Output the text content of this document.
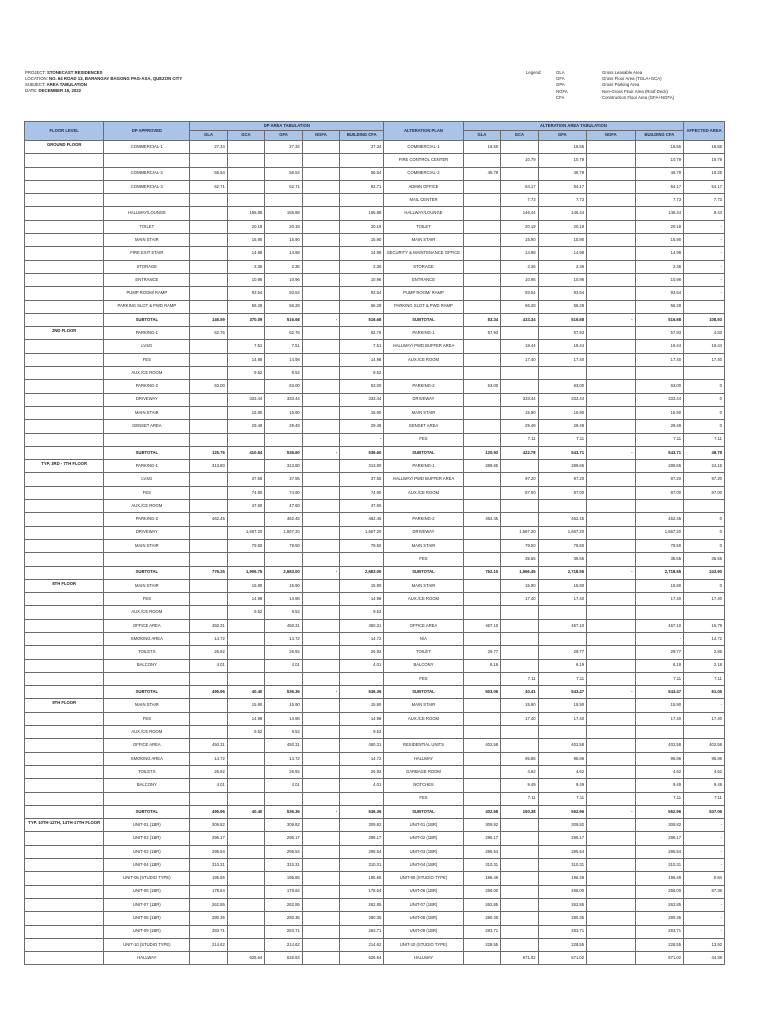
PROJECT: STONECAST RESIDENCES
LOCATION: NO. 64 ROAD 13, BARANGAY BAGONG PAG-ASA, QUEZON CITY
SUBJECT: AREA TABULATION
DATE: DECEMBER 15, 2022
Legend:	GLA	Gross Leasable Area
GFA	Gross Floor Area (TGLA+GCA)
GPA	Gross Parking Area
NGFA	Non-Gross Floor Area (Roof Deck)
CFA	Construction Floor Area (GFA+NGFA)
FLOOR LEVEL	DP APPROVED	DP AREA TABULATION					ALTERATION PLAN	ALTERATION AREA TABULATION					AFFECTED AREA
		GLA	GCA	GFA	NGFA	BUILDING CFA		GLA	GCA	GFA	NGFA	BUILDING CFA	
GROUND FLOOR	COMMERCIAL-1	27.34		27.34		27.34	COMMERCIAL-1	16.55		16.55		16.55	16.55
							FIRE CONTROL CENTER		10.79	10.79		10.79	10.79
	COMMERCIAL-2	56.54		56.54		56.54	COMMERCIAL-2	46.79		46.79		46.79	10.25
	COMMERCIAL-3	62.71		62.71		62.71	ADMIN OFFICE		54.17	54.17		54.17	54.17
							MAIL CENTER		7.73	7.73		7.73	7.73
	HALLWAY/LOUNGE		155.88	155.88		155.88	HALLWAY/LOUNGE		146.44	146.44		146.44	9.44
	TOILET		20.19	20.19		20.19	TOILET		20.19	20.19		20.19	-
	MAIN STAIR		15.90	15.90		15.90	MAIN STAIR		15.90	15.90		15.90	-
	FIRE EXIT STAIR		14.98	14.98		14.98	SECURITY & MAINTENANCE OFFICE		14.98	14.98		14.98	-
	STORAGE		2.36	2.36		2.36	STORAGE		2.36	2.36		2.36	-
	ENTRANCE		10.96	10.96		10.96	ENTRANCE		10.96	10.96		10.96	-
	PUMP ROOM/ RAMP		93.54	93.54		93.54	PUMP ROOM/ RAMP		93.54	93.54		93.54	-
	PARKING SLOT & PWD RAMP		56.28	56.28		56.28	PARKING SLOT & PWD RAMP		56.28	56.28		56.28	
	SUBTOTAL	146.59	370.09	516.68	-	516.68	SUBTOTAL	83.34	433.34	516.68	-	516.68	108.93
2ND FLOOR	PARKING-1	62.76		62.76		62.76	PARKING-1	57.93		57.93		57.93	4.83
	LVSG		7.51	7.51		7.51	HALLWAY/ PWD BUFFER AREA		19.44	19.44		19.44	19.44
	FES		14.98	14.98		14.98	AUX./CE ROOM		17.40	17.40		17.40	17.40
	AUX./CE ROOM		9.52	9.52		9.52							
	PARKING-2	63.00		63.00		63.00	PARKING-2	63.00		63.00		63.00	0
	DRIVEWAY		333.44	333.44		333.44	DRIVEWAY		333.44	333.44		333.44	0
	MAIN STAIR		15.90	15.90		15.90	MAIN STAIR		15.90	15.90		15.90	0
	GENSET AREA		29.49	29.49		29.49	GENSET AREA		29.49	29.49		29.49	0
						-	FES		7.11	7.11		7.11	7.11
	SUBTOTAL	125.76	410.84	536.60	-	536.60	SUBTOTAL	120.93	422.78	543.71	-	543.71	48.78
TYP. 3RD - 7TH FLOOR	PARKING-1	313.80		313.80		313.80	PARKING-1	289.65		289.65		289.65	24.15
	LVSG		37.55	37.55		37.55	HALLWAY/ PWD BUFFER AREA		97.20	97.20		97.20	97.20
	FES		74.90	74.90		74.90	AUX./CE ROOM		87.00	87.00		87.00	87.00
	AUX./CE ROOM		47.60	47.60		47.60							
	PARKING-2	462.45		462.45		462.45	PARKING-2	462.45		462.45		462.45	0
	DRIVEWAY		1,667.20	1,667.20		1,667.20	DRIVEWAY		1,667.20	1,667.20		1,667.20	0
	MAIN STAIR		79.50	79.50		79.50	MAIN STAIR		79.50	79.50		79.50	0
							FES		35.55	35.55		35.55	35.55
	SUBTOTAL	776.25	1,906.75	2,683.00	-	2,683.00	SUBTOTAL	752.10	1,966.45	2,718.55	-	2,718.55	243.90
8TH FLOOR	MAIN STAIR		15.90	15.90		15.90	MAIN STAIR		15.90	15.90		15.90	0
	FES		14.98	14.98		14.98	AUX./CE ROOM		17.40	17.40		17.40	17.40
	AUX./CE ROOM		9.52	9.52		9.52							
	OFFICE AREA	450.31		450.31		450.31	OFFICE AREA	467.10		467.10		467.10	16.79
	SMOKING AREA	14.72		14.72		14.72	N/A					-	14.72
	TOILETS	26.92		26.92		26.92	TOILET	29.77		29.77		29.77	2.85
	BALCONY	4.01		4.01		4.01	BALCONY	6.19		6.19		6.19	2.18
							FES		7.11	7.11		7.11	7.11
	SUBTOTAL	495.96	40.40	536.36	-	536.36	SUBTOTAL	503.06	40.41	543.47	-	543.47	61.05
9TH FLOOR	MAIN STAIR		15.90	15.90		15.90	MAIN STAIR		15.90	15.90		15.90	-
	FES		14.98	14.98		14.98	AUX./CE ROOM		17.40	17.40		17.40	17.40
	AUX./CE ROOM		9.52	9.52		9.52							
	OFFICE AREA	450.31		450.31		450.31	RESIDENTIAL UNITS	402.58		402.58		402.58	402.58
	SMOKING AREA	14.72		14.72		14.72	HALLWAY		95.86	95.86		95.86	95.86
	TOILETS	26.92		26.92		26.92	GARBAGE ROOM		4.62	4.62		4.62	4.62
	BALCONY	4.01		4.01		4.01	NOTCHES		9.49	9.49		9.49	9.49
							FES		7.11	7.11		7.11	7.11
	SUBTOTAL	495.96	40.40	536.36	-	536.36	SUBTOTAL	402.58	150.38	552.96	-	552.96	537.06
TYP. 10TH-12TH, 14TH-17TH FLOOR	UNIT-01 (1BR)	309.82		309.82		309.82	UNIT-01 (1BR)	309.82		309.82		309.82	-
	UNIT-02 (1BR)	296.17		296.17		296.17	UNIT-02 (1BR)	296.17		296.17		296.17	-
	UNIT-03 (1BR)	295.54		295.54		295.54	UNIT-03 (1BR)	295.54		295.54		295.54	-
	UNIT-04 (1BR)	310.31		310.31		310.31	UNIT-04 (1BR)	310.31		310.31		310.31	-
	UNIT-05 (STUDIO TYPE)	195.65		195.65		195.65	UNIT-05 (STUDIO TYPE)	196.49		196.49		196.49	0.84
	UNIT-06 (1BR)	178.64		178.64		178.64	UNIT-06 (1BR)	266.00		266.00		266.00	87.36
	UNIT-07 (1BR)	262.85		262.85		262.85	UNIT-07 (1BR)	262.85		262.85		262.85	-
	UNIT-08 (1BR)	280.35		280.35		280.35	UNIT-08 (1BR)	280.35		280.35		280.35	-
	UNIT-09 (1BR)	283.71		283.71		283.71	UNIT-09 (1BR)	283.71		283.71		283.71	-
	UNIT-10 (STUDIO TYPE)	214.62		214.62		214.62	UNIT-10 (STUDIO TYPE)	228.55		228.55		228.55	13.93
	HALLWAY		626.64	626.64		626.64	HALLWAY		671.02	671.02		671.02	44.38
